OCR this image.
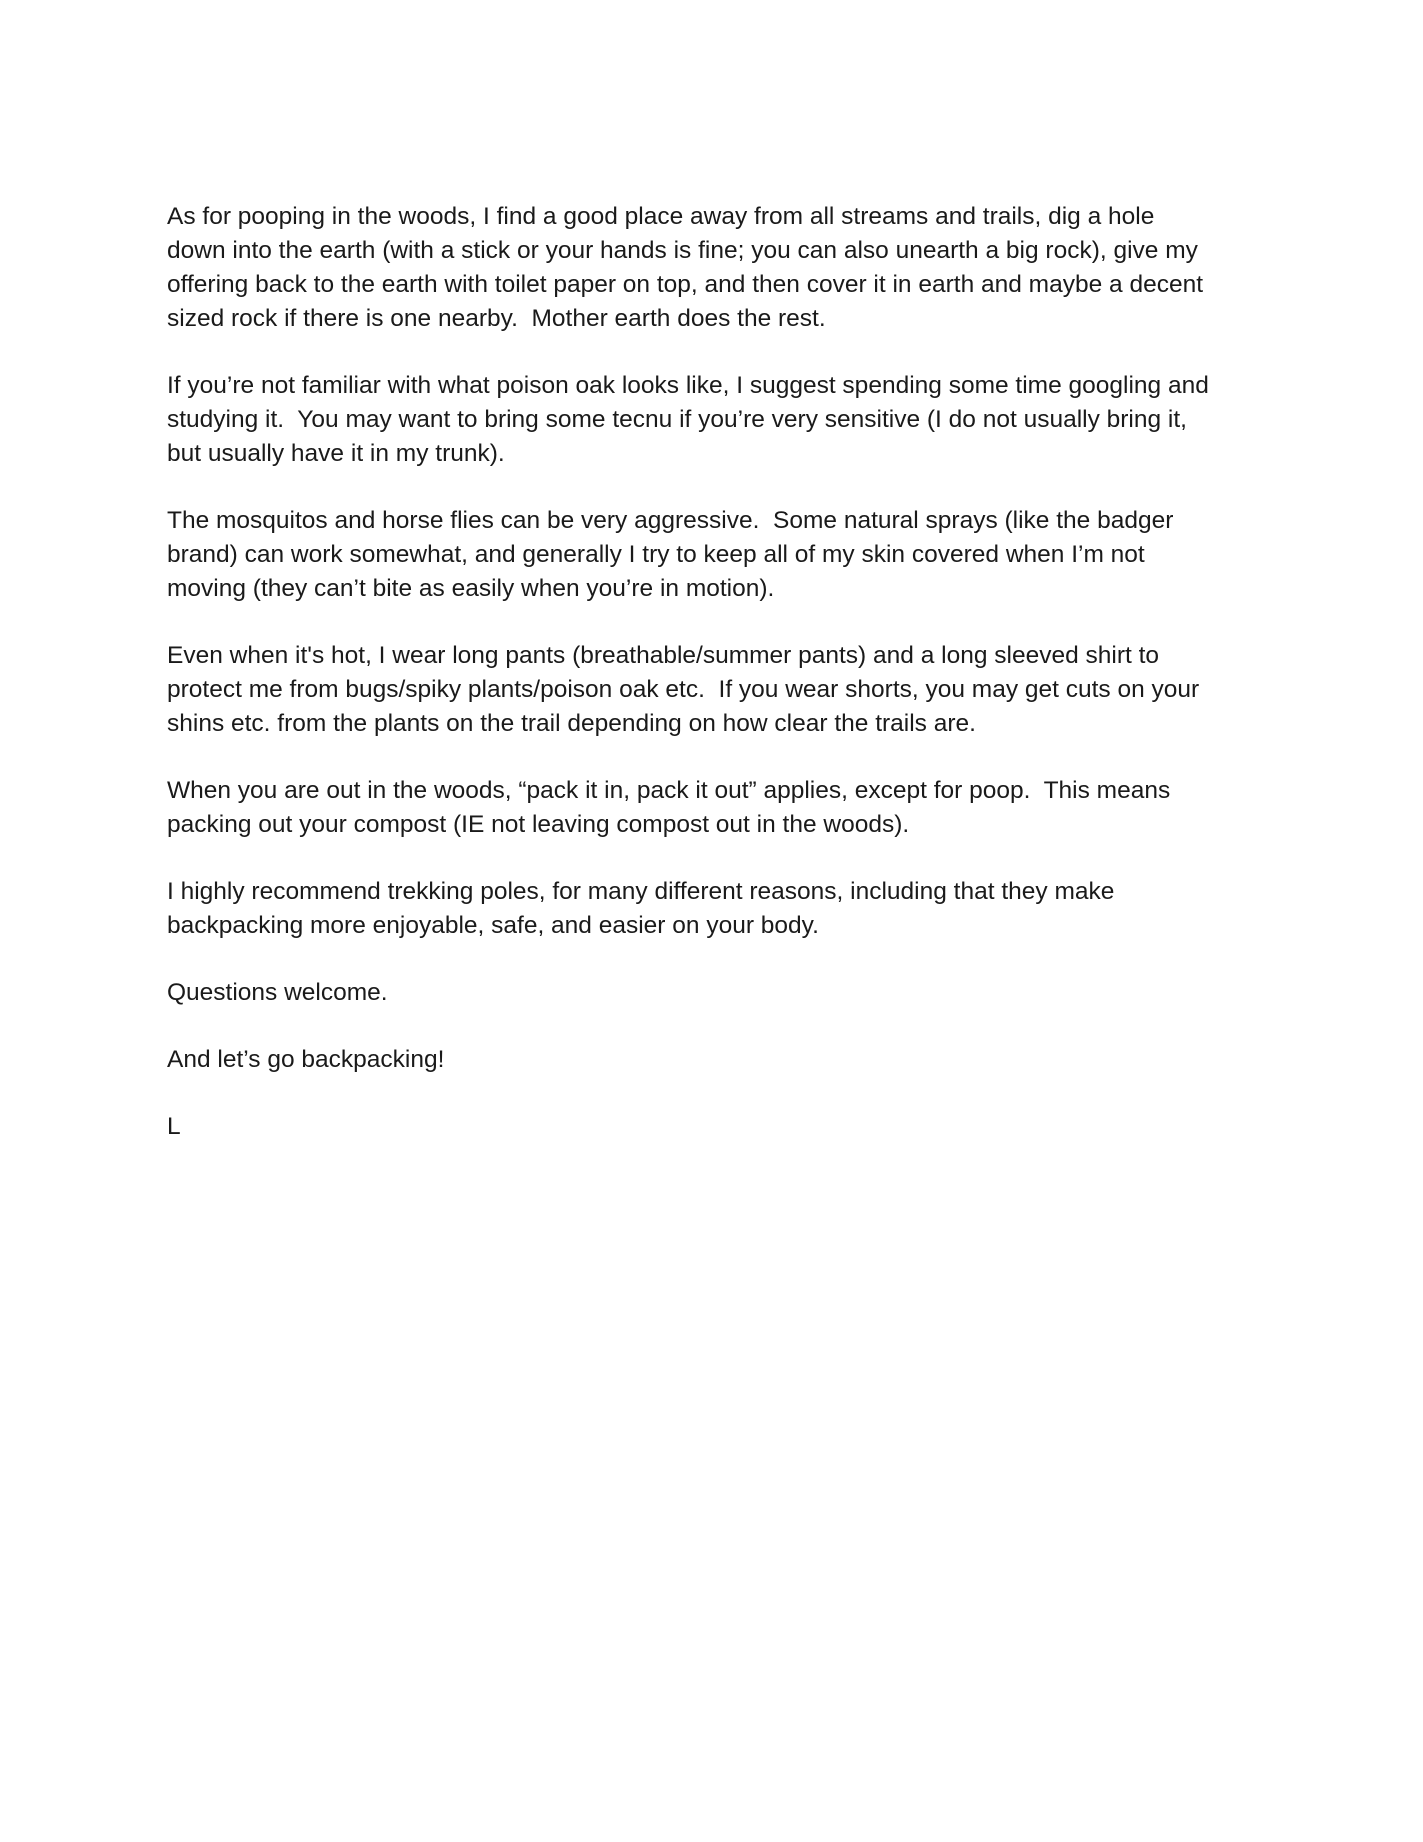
As for pooping in the woods, I find a good place away from all streams and trails, dig a hole
down into the earth (with a stick or your hands is fine; you can also unearth a big rock), give my
offering back to the earth with toilet paper on top, and then cover it in earth and maybe a decent
sized rock if there is one nearby.  Mother earth does the rest.

If you’re not familiar with what poison oak looks like, I suggest spending some time googling and
studying it.  You may want to bring some tecnu if you’re very sensitive (I do not usually bring it,
but usually have it in my trunk).

The mosquitos and horse flies can be very aggressive.  Some natural sprays (like the badger
brand) can work somewhat, and generally I try to keep all of my skin covered when I’m not
moving (they can’t bite as easily when you’re in motion).

Even when it's hot, I wear long pants (breathable/summer pants) and a long sleeved shirt to
protect me from bugs/spiky plants/poison oak etc.  If you wear shorts, you may get cuts on your
shins etc. from the plants on the trail depending on how clear the trails are.

When you are out in the woods, “pack it in, pack it out” applies, except for poop.  This means
packing out your compost (IE not leaving compost out in the woods).

I highly recommend trekking poles, for many different reasons, including that they make
backpacking more enjoyable, safe, and easier on your body.

Questions welcome.

And let’s go backpacking!

L
